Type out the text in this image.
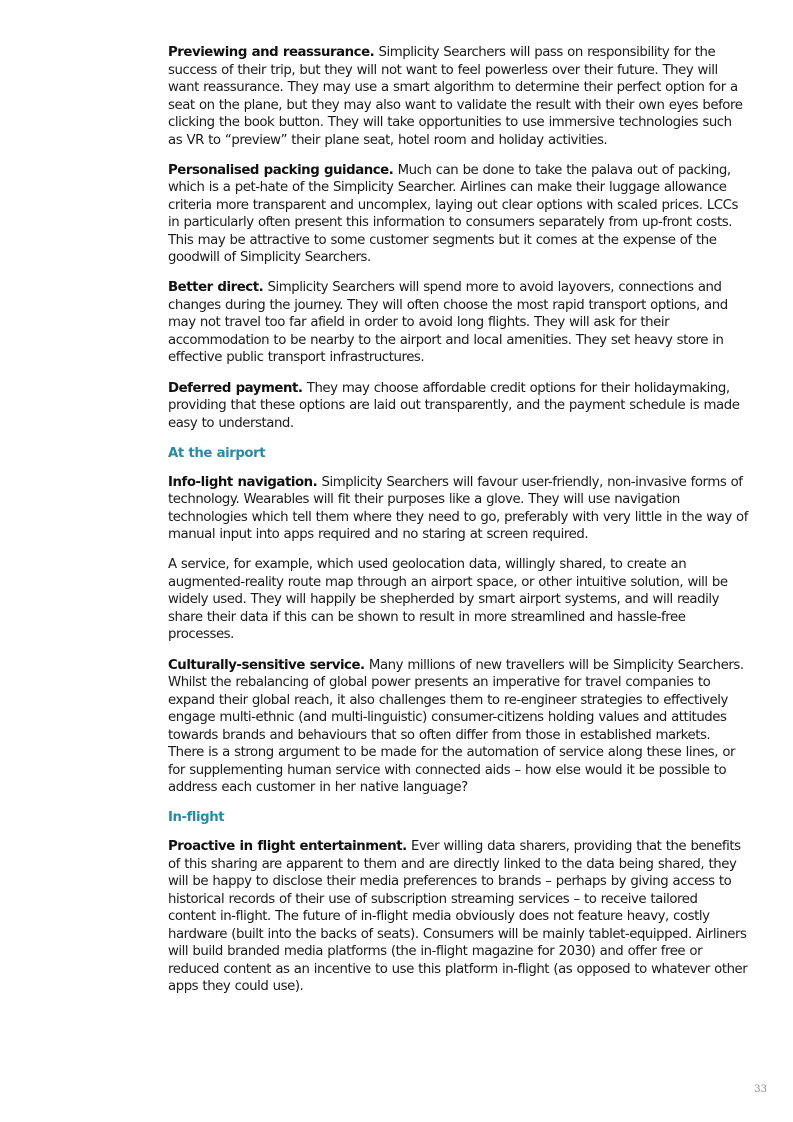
Previewing and reassurance. Simplicity Searchers will pass on responsibility for the success of their trip, but they will not want to feel powerless over their future. They will want reassurance. They may use a smart algorithm to determine their perfect option for a seat on the plane, but they may also want to validate the result with their own eyes before clicking the book button. They will take opportunities to use immersive technologies such as VR to “preview” their plane seat, hotel room and holiday activities.

Personalised packing guidance. Much can be done to take the palava out of packing, which is a pet-hate of the Simplicity Searcher. Airlines can make their luggage allowance criteria more transparent and uncomplex, laying out clear options with scaled prices. LCCs in particularly often present this information to consumers separately from up-front costs. This may be attractive to some customer segments but it comes at the expense of the goodwill of Simplicity Searchers.

Better direct. Simplicity Searchers will spend more to avoid layovers, connections and changes during the journey. They will often choose the most rapid transport options, and may not travel too far afield in order to avoid long flights. They will ask for their accommodation to be nearby to the airport and local amenities. They set heavy store in effective public transport infrastructures.

Deferred payment. They may choose affordable credit options for their holidaymaking, providing that these options are laid out transparently, and the payment schedule is made easy to understand.

At the airport

Info-light navigation. Simplicity Searchers will favour user-friendly, non-invasive forms of technology. Wearables will fit their purposes like a glove. They will use navigation technologies which tell them where they need to go, preferably with very little in the way of manual input into apps required and no staring at screen required.

A service, for example, which used geolocation data, willingly shared, to create an augmented-reality route map through an airport space, or other intuitive solution, will be widely used. They will happily be shepherded by smart airport systems, and will readily share their data if this can be shown to result in more streamlined and hassle-free processes.

Culturally-sensitive service. Many millions of new travellers will be Simplicity Searchers. Whilst the rebalancing of global power presents an imperative for travel companies to expand their global reach, it also challenges them to re-engineer strategies to effectively engage multi-ethnic (and multi-linguistic) consumer-citizens holding values and attitudes towards brands and behaviours that so often differ from those in established markets. There is a strong argument to be made for the automation of service along these lines, or for supplementing human service with connected aids – how else would it be possible to address each customer in her native language?

In-flight

Proactive in flight entertainment. Ever willing data sharers, providing that the benefits of this sharing are apparent to them and are directly linked to the data being shared, they will be happy to disclose their media preferences to brands – perhaps by giving access to historical records of their use of subscription streaming services – to receive tailored content in-flight. The future of in-flight media obviously does not feature heavy, costly hardware (built into the backs of seats). Consumers will be mainly tablet-equipped. Airliners will build branded media platforms (the in-flight magazine for 2030) and offer free or reduced content as an incentive to use this platform in-flight (as opposed to whatever other apps they could use).

33
